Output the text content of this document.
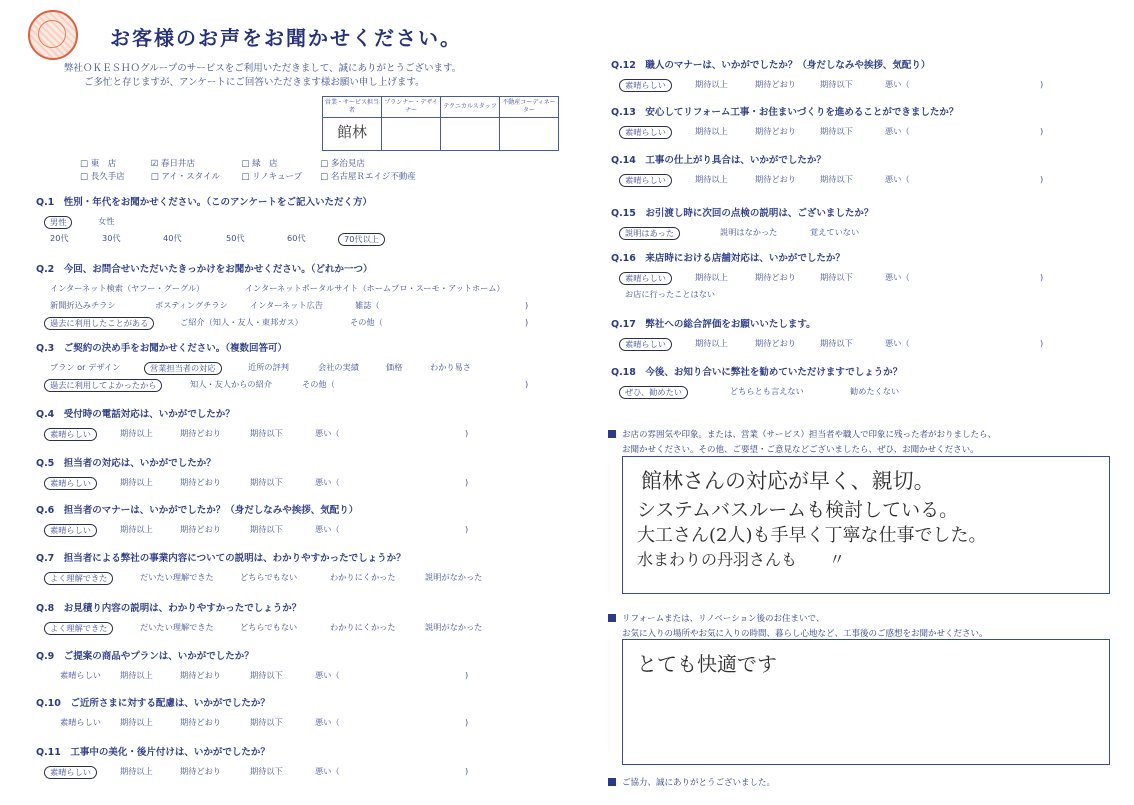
お客様のお声をお聞かせください。
弊社ＯＫＥＳＨＯグループのサービスをご利用いただきまして、誠にありがとうございます。
ご多忙と存じますが、アンケートにご回答いただきます様お願い申し上げます。
営業・サービス担当者	プランナー・デザイナー	テクニカルスタッフ	不動産コーディネーター
館林			
□ 東　店	☑ 春日井店	□ 緑　店	□ 多治見店
□ 長久手店	□ アイ・スタイル	□ リノキューブ □ 名古屋Ｒエイジ不動産
Q.1　性別・年代をお聞かせください。（このアンケートをご記入いただく方）
男性	女性
20代	30代	40代	50代	60代	70代以上
Q.2　今回、お問合せいただいたきっかけをお聞かせください。（どれか一つ）
インターネット検索（ヤフー・グーグル）	インターネットポータルサイト（ホームプロ・スーモ・アットホーム）
新聞折込みチラシ	ポスティングチラシ	インターネット広告	雑誌（	)
過去に利用したことがある	ご紹介（知人・友人・東邦ガス）	その他（	)
Q.3　ご契約の決め手をお聞かせください。（複数回答可）
プラン or デザイン	営業担当者の対応	近所の評判	会社の実績	価格	わかり易さ
過去に利用してよかったから	知人・友人からの紹介	その他（	)
Q.4　受付時の電話対応は、いかがでしたか？
素晴らしい	期待以上	期待どおり	期待以下	悪い（	)
Q.5　担当者の対応は、いかがでしたか？
素晴らしい	期待以上	期待どおり	期待以下	悪い（	)
Q.6　担当者のマナーは、いかがでしたか？（身だしなみや挨拶、気配り）
素晴らしい	期待以上	期待どおり	期待以下	悪い（	)
Q.7　担当者による弊社の事業内容についての説明は、わかりやすかったでしょうか？
よく理解できた	だいたい理解できた	どちらでもない	わかりにくかった	説明がなかった
Q.8　お見積り内容の説明は、わかりやすかったでしょうか？
よく理解できた	だいたい理解できた	どちらでもない	わかりにくかった	説明がなかった
Q.9　ご提案の商品やプランは、いかがでしたか？
素晴らしい 期待以上	期待どおり	期待以下	悪い（	)
Q.10　ご近所さまに対する配慮は、いかがでしたか？
素晴らしい 期待以上	期待どおり	期待以下	悪い（	)
Q.11　工事中の美化・後片付けは、いかがでしたか？
素晴らしい	期待以上	期待どおり	期待以下	悪い（	)
Q.12　職人のマナーは、いかがでしたか？（身だしなみや挨拶、気配り）
素晴らしい	期待以上	期待どおり	期待以下	悪い（	)
Q.13　安心してリフォーム工事・お住まいづくりを進めることができましたか？
素晴らしい	期待以上	期待どおり	期待以下	悪い（	)
Q.14　工事の仕上がり具合は、いかがでしたか？
素晴らしい	期待以上	期待どおり	期待以下	悪い（	)
Q.15　お引渡し時に次回の点検の説明は、ございましたか？
説明はあった	説明はなかった	覚えていない
Q.16　来店時における店舗対応は、いかがでしたか？
素晴らしい	期待以上	期待どおり	期待以下	悪い（	)
お店に行ったことはない
Q.17　弊社への総合評価をお願いいたします。
素晴らしい	期待以上	期待どおり	期待以下	悪い（	)
Q.18　今後、お知り合いに弊社を勧めていただけますでしょうか？
ぜひ、勧めたい	どちらとも言えない	勧めたくない
お店の雰囲気や印象。または、営業（サービス）担当者や職人で印象に残った者がおりましたら、
お聞かせください。その他、ご要望・ご意見などございましたら、ぜひ、お聞かせください。
館林さんの対応が早く、親切。
システムバスルームも検討している。
大工さん(2人)も手早く丁寧な仕事でした。
水まわりの丹羽さんも　　〃
リフォームまたは、リノベーション後のお住まいで、
お気に入りの場所やお気に入りの時間、暮らし心地など、工事後のご感想をお聞かせください。
とても快適です
ご協力、誠にありがとうございました。
